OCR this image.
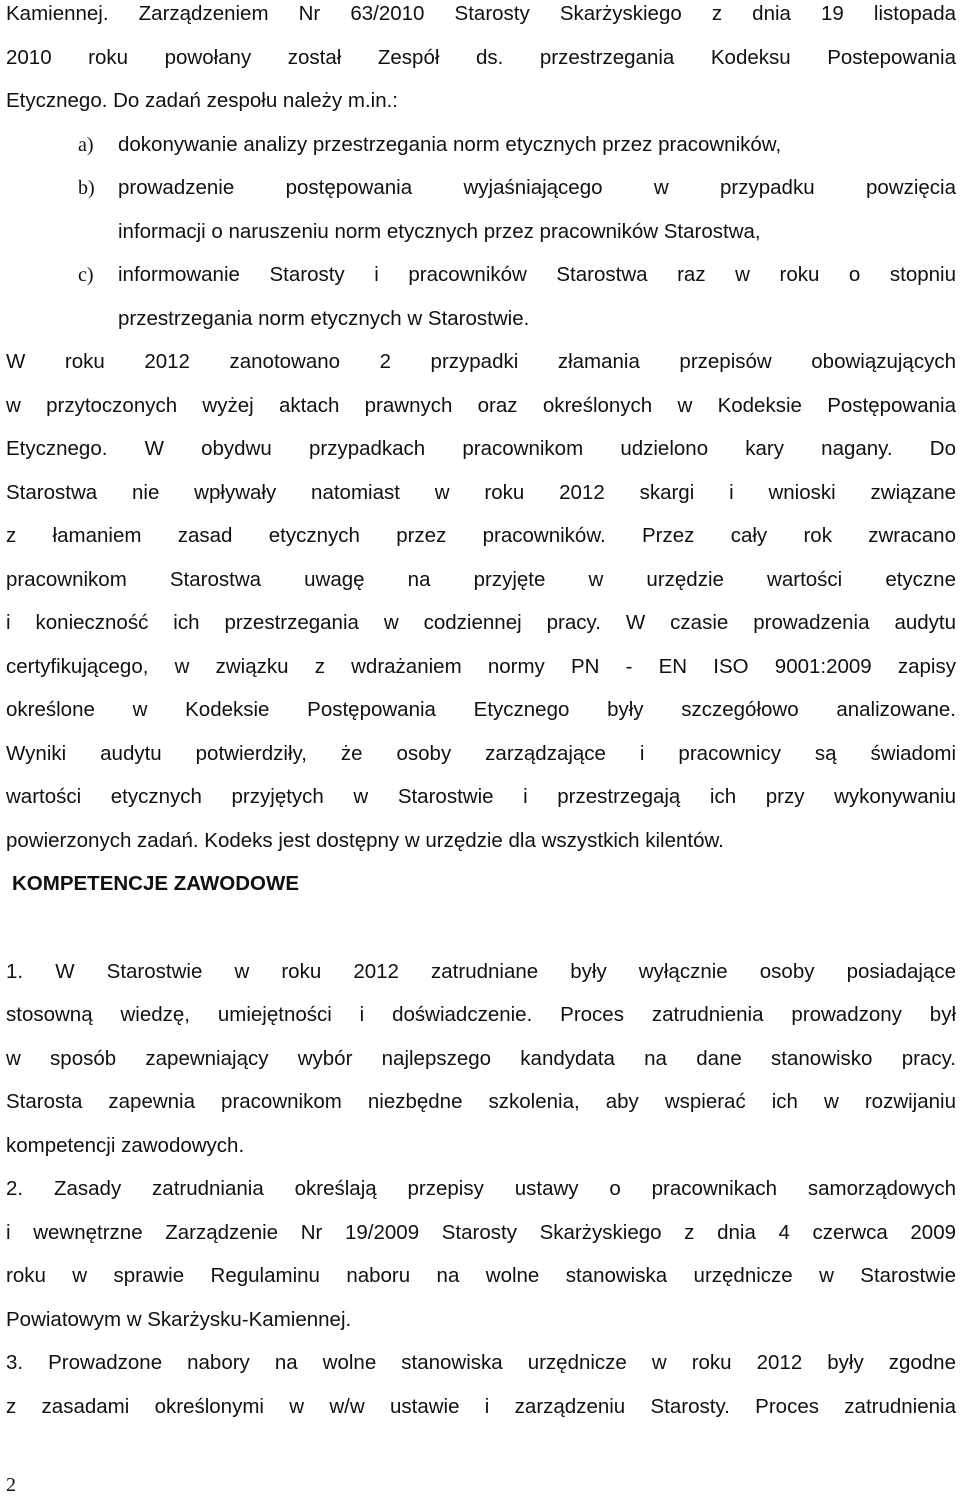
Kamiennej. Zarządzeniem Nr 63/2010 Starosty Skarżyskiego z dnia 19 listopada
2010 roku powołany został Zespół ds. przestrzegania Kodeksu Postepowania
Etycznego. Do zadań zespołu należy m.in.:
a) dokonywanie analizy przestrzegania norm etycznych przez pracowników,
b) prowadzenie postępowania wyjaśniającego w przypadku powzięcia
informacji o naruszeniu norm etycznych przez pracowników Starostwa,
c) informowanie Starosty i pracowników Starostwa raz w roku o stopniu
przestrzegania norm etycznych w Starostwie.
W roku 2012 zanotowano 2 przypadki złamania przepisów obowiązujących
w przytoczonych wyżej aktach prawnych oraz określonych w Kodeksie Postępowania
Etycznego. W obydwu przypadkach pracownikom udzielono kary nagany. Do
Starostwa nie wpływały natomiast w roku 2012 skargi i wnioski związane
z łamaniem zasad etycznych przez pracowników. Przez cały rok zwracano
pracownikom Starostwa uwagę na przyjęte w urzędzie wartości etyczne
i konieczność ich przestrzegania w codziennej pracy. W czasie prowadzenia audytu
certyfikującego, w związku z wdrażaniem normy PN - EN ISO 9001:2009 zapisy
określone w Kodeksie Postępowania Etycznego były szczegółowo analizowane.
Wyniki audytu potwierdziły, że osoby zarządzające i pracownicy są świadomi
wartości etycznych przyjętych w Starostwie i przestrzegają ich przy wykonywaniu
powierzonych zadań. Kodeks jest dostępny w urzędzie dla wszystkich kilentów.
KOMPETENCJE ZAWODOWE
1. W Starostwie w roku 2012 zatrudniane były wyłącznie osoby posiadające
stosowną wiedzę, umiejętności i doświadczenie. Proces zatrudnienia prowadzony był
w sposób zapewniający wybór najlepszego kandydata na dane stanowisko pracy.
Starosta zapewnia pracownikom niezbędne szkolenia, aby wspierać ich w rozwijaniu
kompetencji zawodowych.
2. Zasady zatrudniania określają przepisy ustawy o pracownikach samorządowych
i wewnętrzne Zarządzenie Nr 19/2009 Starosty Skarżyskiego z dnia 4 czerwca 2009
roku w sprawie Regulaminu naboru na wolne stanowiska urzędnicze w Starostwie
Powiatowym w Skarżysku-Kamiennej.
3. Prowadzone nabory na wolne stanowiska urzędnicze w roku 2012 były zgodne
z zasadami określonymi w w/w ustawie i zarządzeniu Starosty. Proces zatrudnienia
2
